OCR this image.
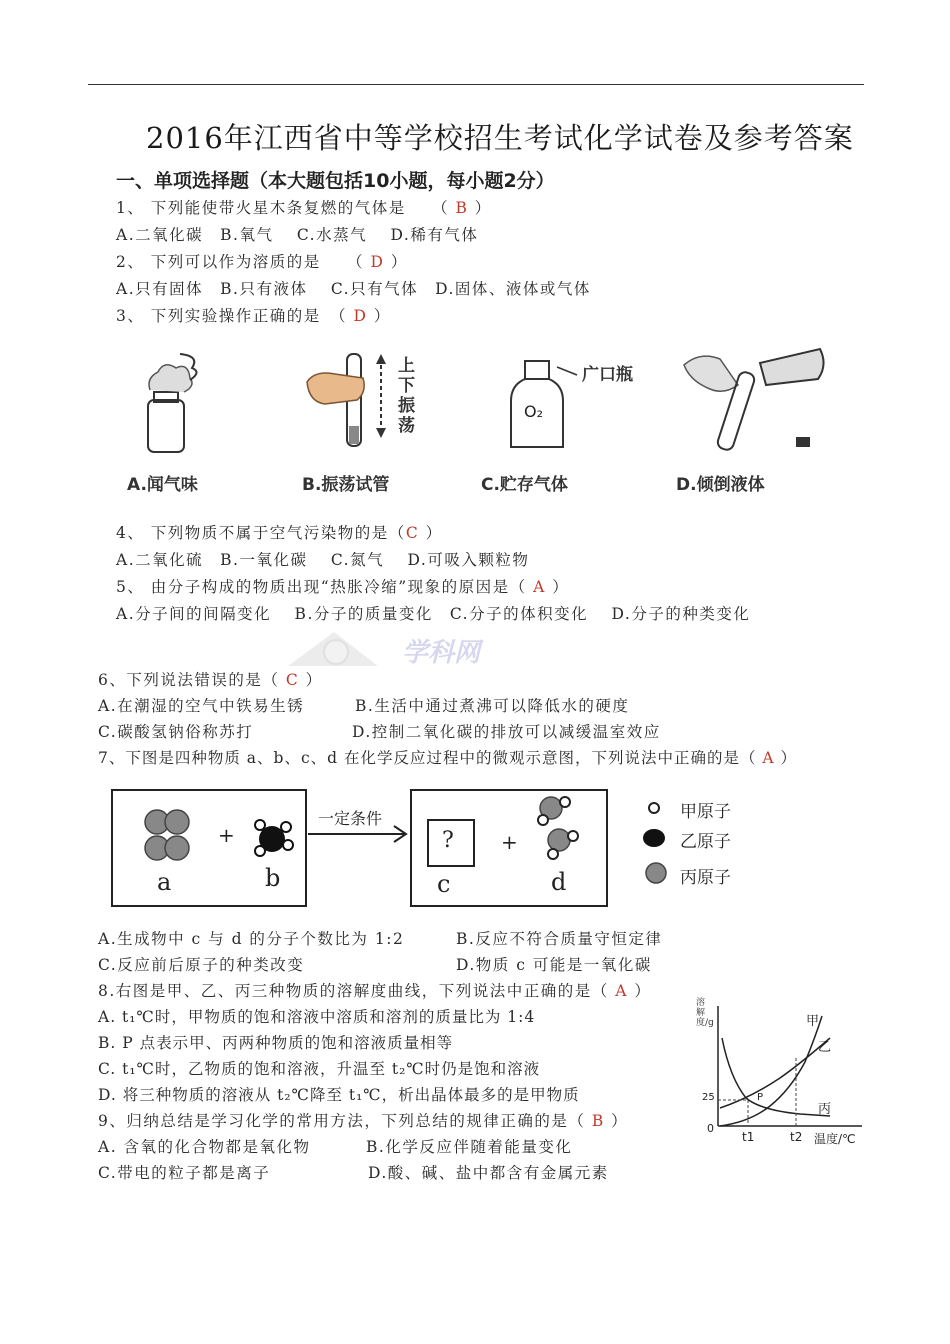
2016年江西省中等学校招生考试化学试卷及参考答案
一、单项选择题（本大题包括10小题，每小题2分）
1、 下列能使带火星木条复燃的气体是　　（ B ）
A.二氧化碳　B.氧气　 C.水蒸气　 D.稀有气体
2、 下列可以作为溶质的是　　（ D ）
A.只有固体　B.只有液体　 C.只有气体　D.固体、液体或气体
3、 下列实验操作正确的是　（ D ）
上下振荡
O₂
广口瓶
A.闻气味	B.振荡试管	C.贮存气体	D.倾倒液体
4、 下列物质不属于空气污染物的是（C ）
A.二氧化硫　B.一氧化碳　 C.氮气　 D.可吸入颗粒物
5、 由分子构成的物质出现“热胀冷缩”现象的原因是（ A ）
A.分子间的间隔变化　 B.分子的质量变化　C.分子的体积变化　 D.分子的种类变化
学科网
6、下列说法错误的是（ C ）
A.在潮湿的空气中铁易生锈	B.生活中通过煮沸可以降低水的硬度
C.碳酸氢钠俗称苏打	D.控制二氧化碳的排放可以减缓温室效应
7、下图是四种物质 a、b、c、d 在化学反应过程中的微观示意图，下列说法中正确的是（ A ）
+
a	b
一定条件
? +
c	d
甲原子
乙原子
丙原子
A.生成物中 c 与 d 的分子个数比为 1:2	B.反应不符合质量守恒定律
C.反应前后原子的种类改变	D.物质 c 可能是一氧化碳
8.右图是甲、乙、丙三种物质的溶解度曲线，下列说法中正确的是（ A ）
A. t₁℃时，甲物质的饱和溶液中溶质和溶剂的质量比为 1:4
B. P 点表示甲、丙两种物质的饱和溶液质量相等
C. t₁℃时，乙物质的饱和溶液，升温至 t₂℃时仍是饱和溶液
D. 将三种物质的溶液从 t₂℃降至 t₁℃，析出晶体最多的是甲物质
溶解度/g	甲
乙
丙
25	P
0
t1	t2 温度/℃
9、归纳总结是学习化学的常用方法，下列总结的规律正确的是（ B ）
A. 含氧的化合物都是氧化物	B.化学反应伴随着能量变化
C.带电的粒子都是离子	D.酸、碱、盐中都含有金属元素
